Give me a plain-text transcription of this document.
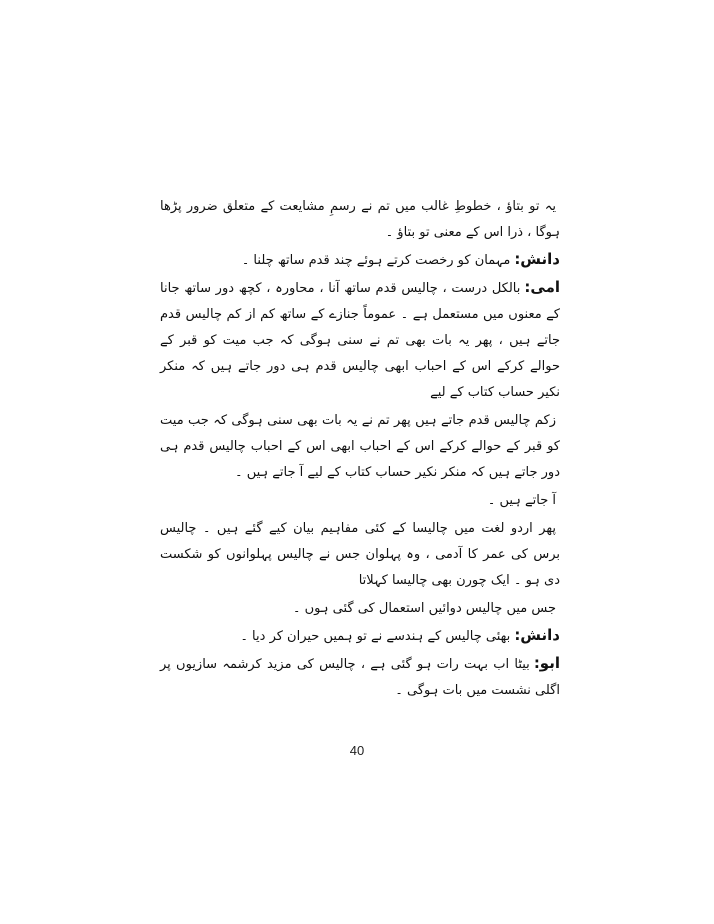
یہ تو بتاؤ ، خطوطِ غالب میں تم نے رسمِ مشایعت کے متعلق ضرور پڑھا ہوگا ، ذرا اس کے معنی تو بتاؤ ۔

دانش:مہمان کو رخصت کرتے ہوئے چند قدم ساتھ چلنا ۔

امی:بالکل درست ، چالیس قدم ساتھ آنا ، محاورہ ، کچھ دور ساتھ جانا کے معنوں میں مستعمل ہے ۔ عموماً جنازے کے ساتھ کم از کم چالیس قدم جاتے ہیں ، پھر یہ بات بھی تم نے سنی ہوگی کہ جب میت کو قبر کے حوالے کرکے اس کے احباب ابھی چالیس قدم ہی دور جاتے ہیں کہ منکر نکیر حساب کتاب کے لیے

زکم چالیس قدم جاتے ہیں پھر تم نے یہ بات بھی سنی ہوگی کہ جب میت کو قبر کے حوالے کرکے اس کے احباب ابھی اس کے احباب چالیس قدم ہی دور جاتے ہیں کہ منکر نکیر حساب کتاب کے لیے آ جاتے ہیں ۔

آ جاتے ہیں ۔

پھر اردو لغت میں چالیسا کے کئی مفاہیم بیان کیے گئے ہیں ۔ چالیس برس کی عمر کا آدمی ، وہ پہلوان جس نے چالیس پہلوانوں کو شکست دی ہو ۔ ایک چورن بھی چالیسا کہلاتا

جس میں چالیس دوائیں استعمال کی گئی ہوں ۔

دانش:بھئی چالیس کے ہندسے نے تو ہمیں حیران کر دیا ۔

ابو:بیٹا اب بہت رات ہو گئی ہے ، چالیس کی مزید کرشمہ سازیوں پر اگلی نشست میں بات ہوگی ۔

40
